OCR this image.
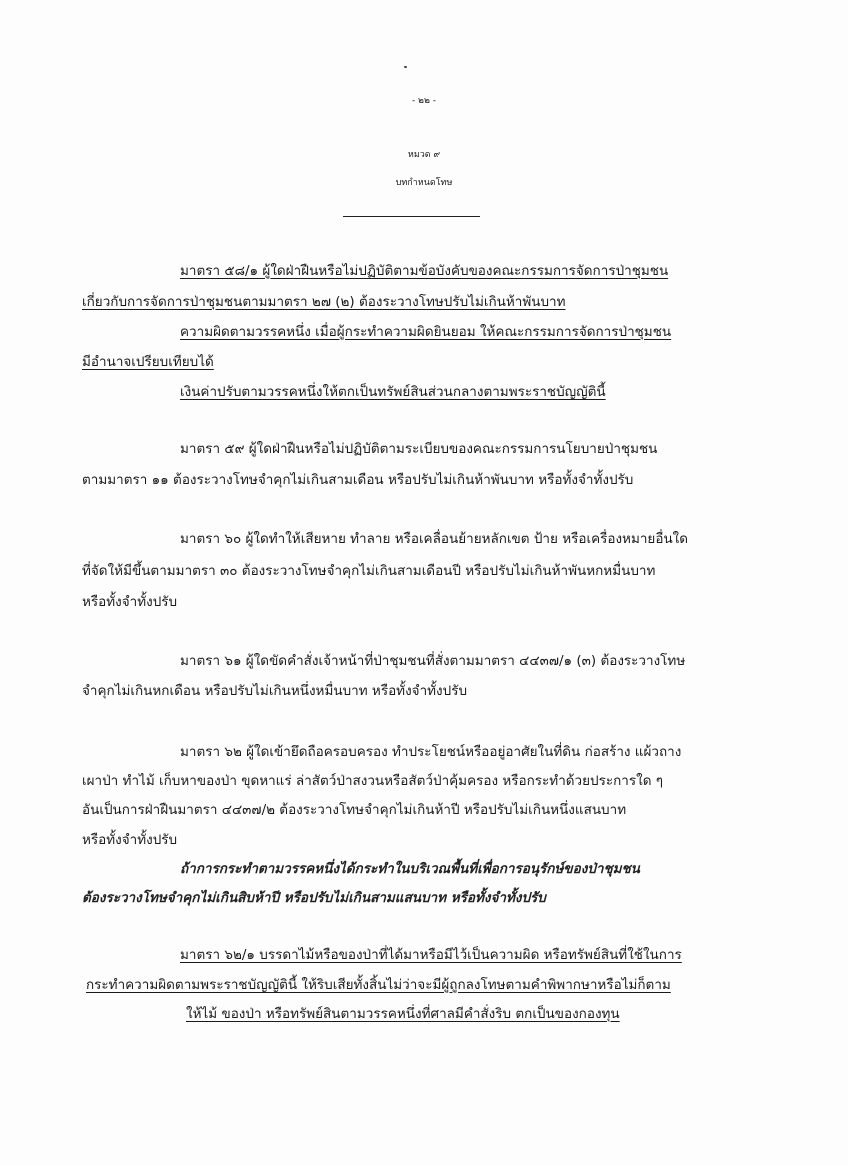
- ๒๒ -
หมวด ๙
บทกำหนดโทษ
มาตรา ๕๘/๑ ผู้ใดฝ่าฝืนหรือไม่ปฏิบัติตามข้อบังคับของคณะกรรมการจัดการป่าชุมชน
เกี่ยวกับการจัดการป่าชุมชนตามมาตรา ๒๗ (๒) ต้องระวางโทษปรับไม่เกินห้าพันบาท
ความผิดตามวรรคหนึ่ง เมื่อผู้กระทำความผิดยินยอม ให้คณะกรรมการจัดการป่าชุมชน
มีอำนาจเปรียบเทียบได้
เงินค่าปรับตามวรรคหนึ่งให้ตกเป็นทรัพย์สินส่วนกลางตามพระราชบัญญัตินี้
มาตรา ๕๙ ผู้ใดฝ่าฝืนหรือไม่ปฏิบัติตามระเบียบของคณะกรรมการนโยบายป่าชุมชน
ตามมาตรา ๑๑ ต้องระวางโทษจำคุกไม่เกินสามเดือน หรือปรับไม่เกินห้าพันบาท หรือทั้งจำทั้งปรับ
มาตรา ๖๐ ผู้ใดทำให้เสียหาย ทำลาย หรือเคลื่อนย้ายหลักเขต ป้าย หรือเครื่องหมายอื่นใด
ที่จัดให้มีขึ้นตามมาตรา ๓๐ ต้องระวางโทษจำคุกไม่เกินสามเดือนปี หรือปรับไม่เกินห้าพันหกหมื่นบาท
หรือทั้งจำทั้งปรับ
มาตรา ๖๑ ผู้ใดขัดคำสั่งเจ้าหน้าที่ป่าชุมชนที่สั่งตามมาตรา ๔๔๓๗/๑ (๓) ต้องระวางโทษ
จำคุกไม่เกินหกเดือน หรือปรับไม่เกินหนึ่งหมื่นบาท หรือทั้งจำทั้งปรับ
มาตรา ๖๒ ผู้ใดเข้ายึดถือครอบครอง ทำประโยชน์หรืออยู่อาศัยในที่ดิน ก่อสร้าง แผ้วถาง
เผาป่า ทำไม้ เก็บหาของป่า ขุดหาแร่ ล่าสัตว์ป่าสงวนหรือสัตว์ป่าคุ้มครอง หรือกระทำด้วยประการใด ๆ
อันเป็นการฝ่าฝืนมาตรา ๔๔๓๗/๒ ต้องระวางโทษจำคุกไม่เกินห้าปี หรือปรับไม่เกินหนึ่งแสนบาท
หรือทั้งจำทั้งปรับ
ถ้าการกระทำตามวรรคหนึ่งได้กระทำในบริเวณพื้นที่เพื่อการอนุรักษ์ของป่าชุมชน
ต้องระวางโทษจำคุกไม่เกินสิบห้าปี หรือปรับไม่เกินสามแสนบาท หรือทั้งจำทั้งปรับ
มาตรา ๖๒/๑ บรรดาไม้หรือของป่าที่ได้มาหรือมีไว้เป็นความผิด หรือทรัพย์สินที่ใช้ในการ
กระทำความผิดตามพระราชบัญญัตินี้ ให้ริบเสียทั้งสิ้นไม่ว่าจะมีผู้ถูกลงโทษตามคำพิพากษาหรือไม่ก็ตาม
ให้ไม้ ของป่า หรือทรัพย์สินตามวรรคหนึ่งที่ศาลมีคำสั่งริบ ตกเป็นของกองทุน
